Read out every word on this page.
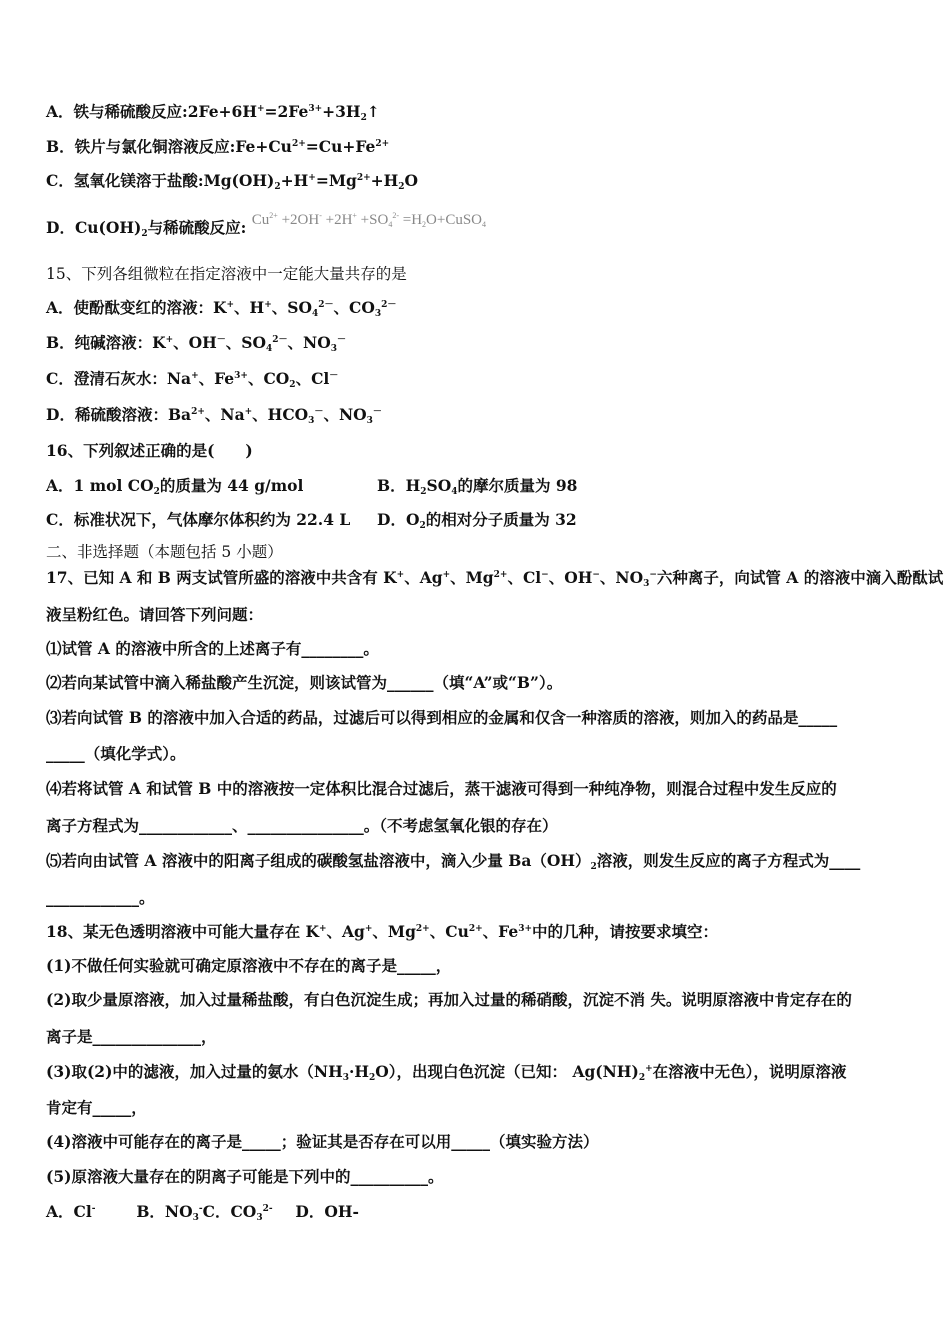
A．铁与稀硫酸反应$:2Fe+6H^+=2Fe^{3+}+3H_2↑$
B．铁片与氯化铜溶液反应$:Fe+Cu^{2+}=Cu+Fe^{2+}$
C．氢氧化镁溶于盐酸$:Mg(OH)_2+H^+=Mg^{2+}+H_2O$
D．$Cu(OH)_2$与稀硫酸反应: $Cu^{2+} +2OH^- +2H^+ +SO_4^{2-}$ $=H_2O+CuSO_4$
15、下列各组微粒在指定溶液中一定能大量共存的是
A．使酚酞变红的溶液：K+、H+、$SO_4^{2-}$、$CO_3^{2-}$
B．纯碱溶液：K+、OH－、$SO_4^{2-}$、$NO_3^-$
C．澄清石灰水：Na+、$Fe^{3+}$、$CO_2$、Cl－
D．稀硫酸溶液：$Ba^{2+}$、Na+、$HCO_3^-$、$NO_3^-$
16、下列叙述正确的是(　　)
A．1 mol $CO_2$的质量为 44 g/mol	B．$H_2SO_4$的摩尔质量为 98
C．标准状况下，气体摩尔体积约为 22.4 L D．$O_2$的相对分子质量为 32
二、非选择题（本题包括 5 小题）
17、已知 A 和 B 两支试管所盛的溶液中共含有 K+、Ag+、$Mg^{2+}$、Cl−、OH−、$NO_3^-$六种离子，向试管 A 的溶液中滴入酚酞试
液呈粉红色。请回答下列问题：
⑴试管 A 的溶液中所含的上述离子有________。
⑵若向某试管中滴入稀盐酸产生沉淀，则该试管为______（填“A”或“B”）。
⑶若向试管 B 的溶液中加入合适的药品，过滤后可以得到相应的金属和仅含一种溶质的溶液，则加入的药品是_____
_____（填化学式）。
⑷若将试管 A 和试管 B 中的溶液按一定体积比混合过滤后，蒸干滤液可得到一种纯净物，则混合过程中发生反应的
离子方程式为____________、_______________。（不考虑氢氧化银的存在）
⑸若向由试管 A 溶液中的阳离子组成的碳酸氢盐溶液中，滴入少量 $Ba(OH)_2$溶液，则发生反应的离子方程式为____
____________。
18、某无色透明溶液中可能大量存在 K+、Ag+、$Mg^{2+}$、$Cu^{2+}$、$Fe^{3+}$中的几种，请按要求填空：
(1)不做任何实验就可确定原溶液中不存在的离子是_____，
(2)取少量原溶液，加入过量稀盐酸，有白色沉淀生成；再加入过量的稀硝酸，沉淀不消 失。说明原溶液中肯定存在的
离子是______________，
(3)取(2)中的滤液，加入过量的氨水$(NH_3\cdot H_2O)$，出现白色沉淀（已知： $Ag(NH)_2^+$在溶液中无色），说明原溶液
肯定有_____，
(4)溶液中可能存在的离子是_____；验证其是否存在可以用_____（填实验方法）
(5)原溶液大量存在的阴离子可能是下列中的__________。
A．Cl-	B．$NO_3^-C$．$CO_3^{2-}$ D．OH-
